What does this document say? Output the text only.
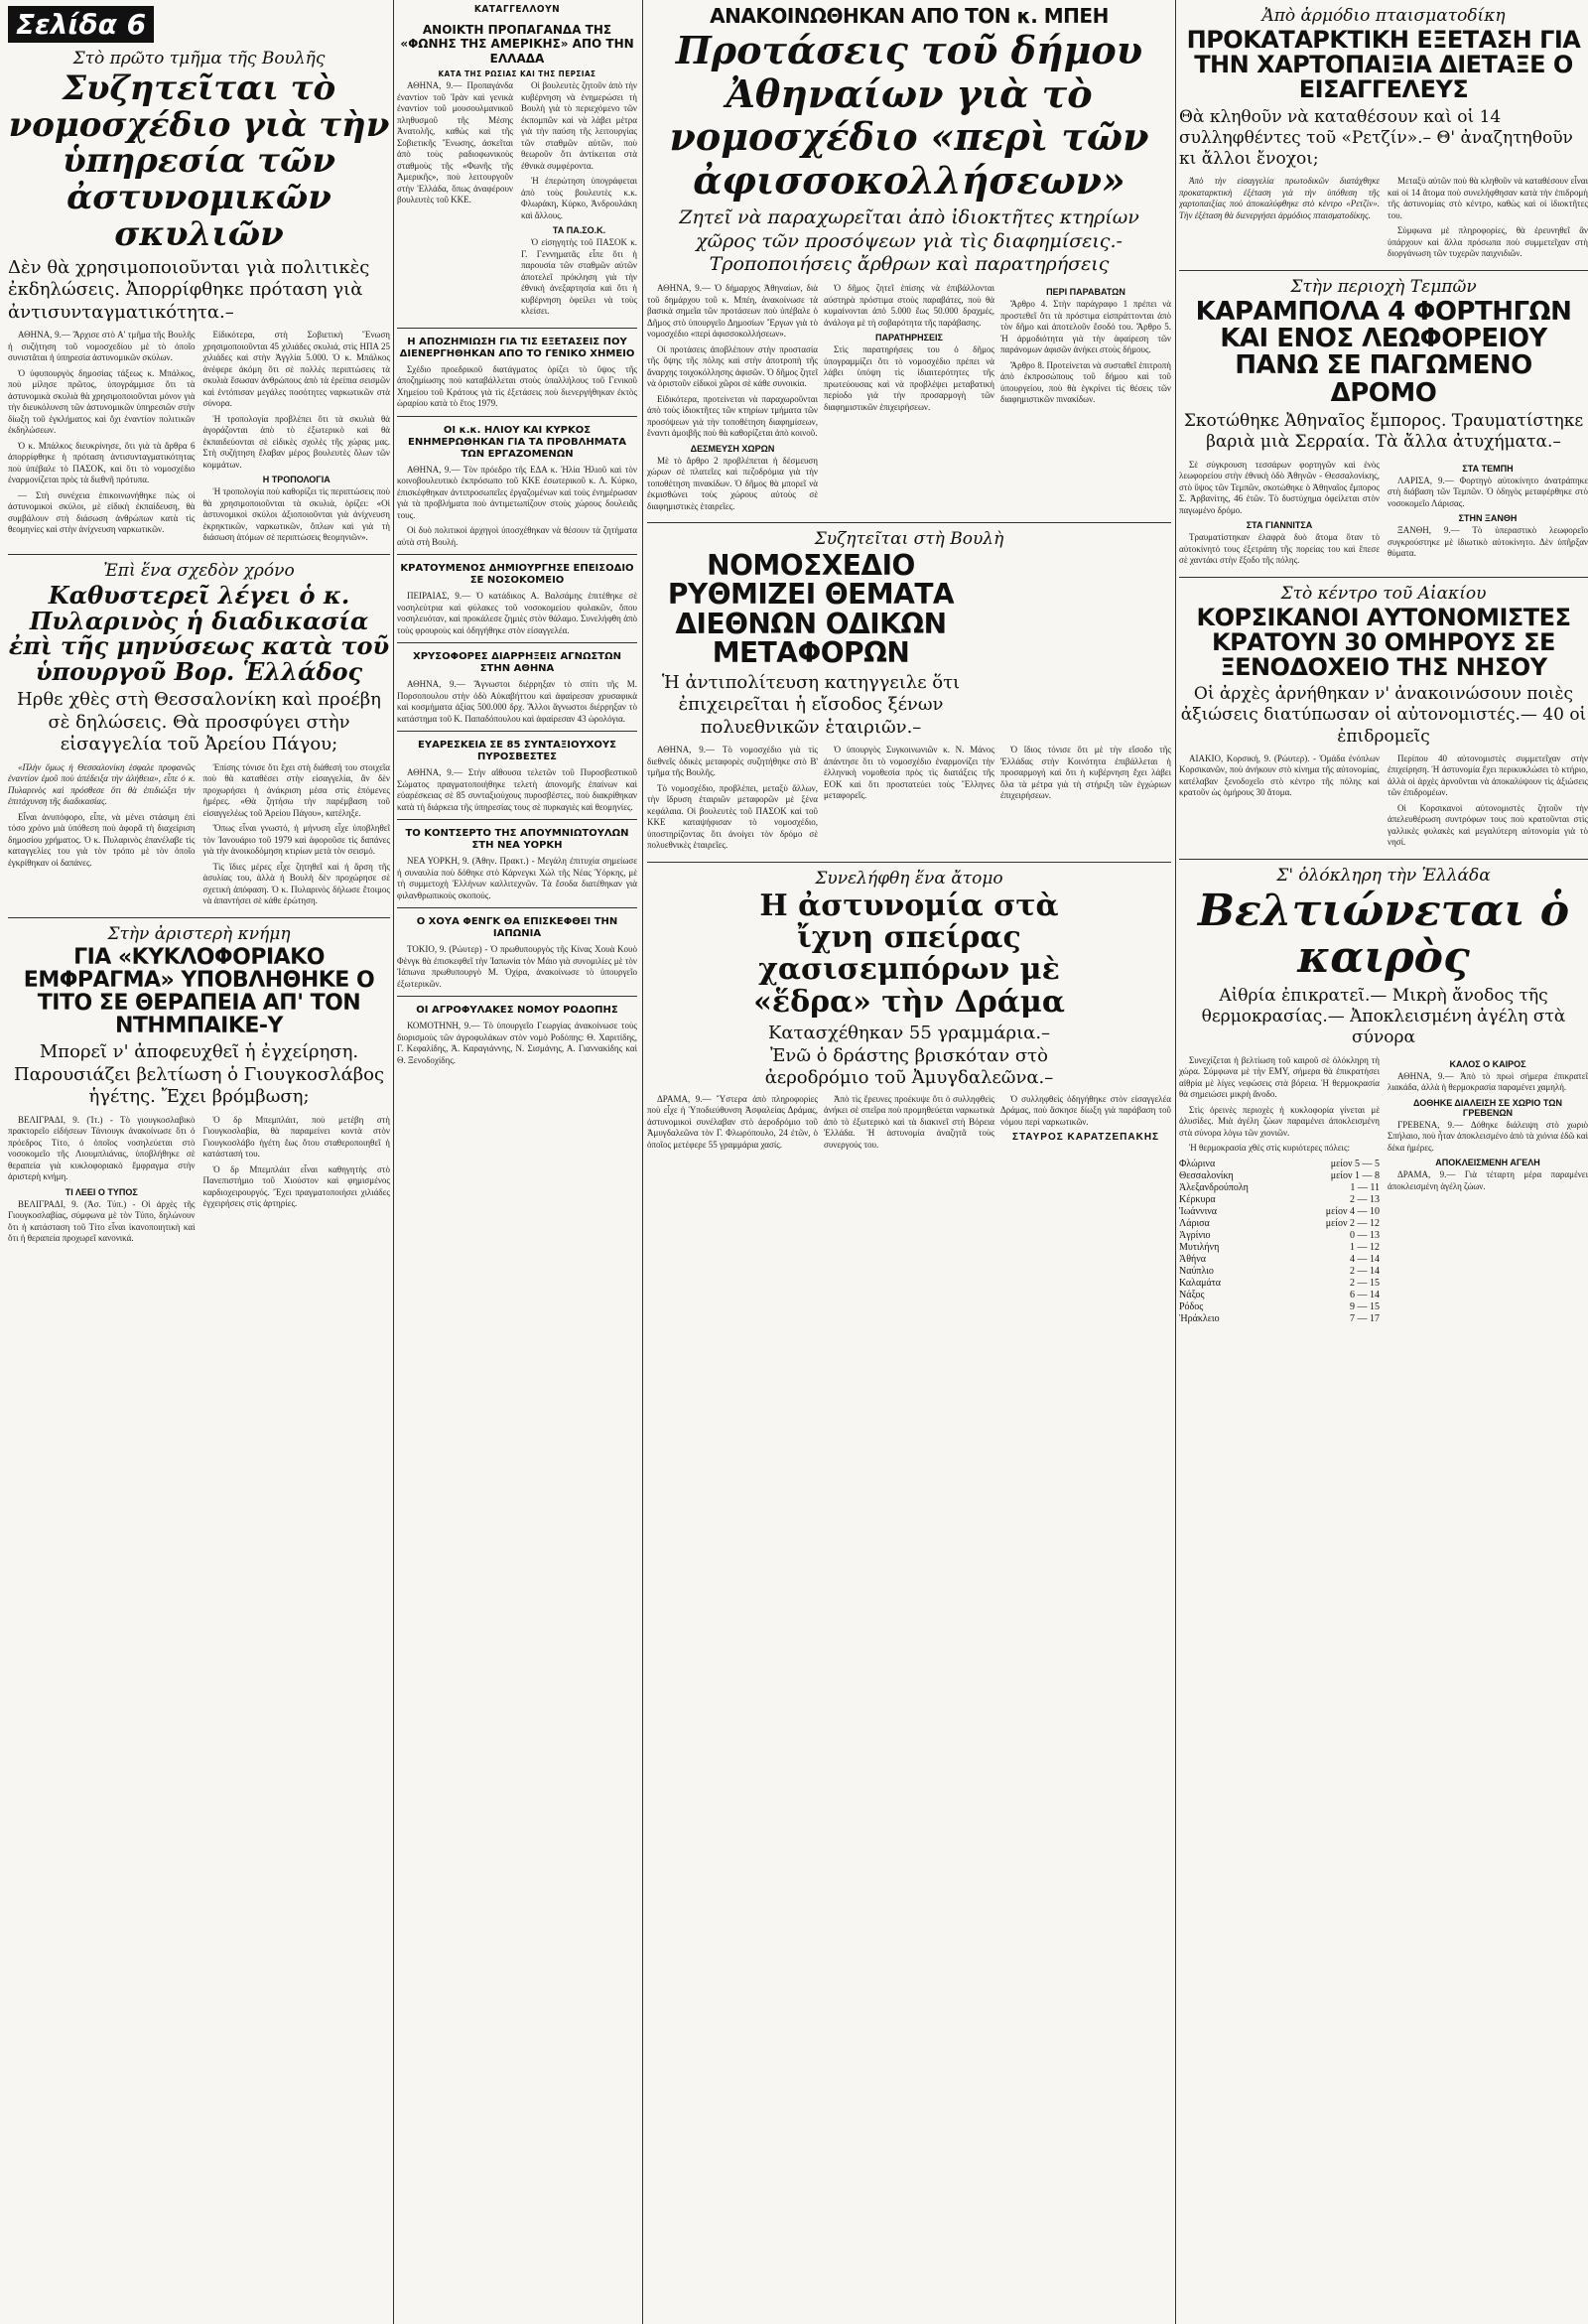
Σελίδα 6
Στὸ πρῶτο τμῆμα τῆς Βουλῆς
Συζητεῖται τὸ νομοσχέδιο γιὰ τὴν ὑπηρεσία τῶν ἀστυνομικῶν σκυλιῶν
Δὲν θὰ χρησιμοποιοῦνται γιὰ πολιτικὲς ἐκδηλώσεις. Ἀπορρίφθηκε πρόταση γιὰ ἀντισυνταγματικότητα.–

ΑΘΗΝΑ, 9.— Ἄρχισε στὸ Α' τμῆμα τῆς Βουλῆς ἡ συζήτηση τοῦ νομοσχεδίου μὲ τὸ ὁποῖο συνιστᾶται ἡ ὑπηρεσία ἀστυνομικῶν σκύλων.

Ὁ ὑφυπουργὸς δημοσίας τάξεως κ. Μπάλκος, ποὺ μίλησε πρῶτος, ὑπογράμμισε ὅτι τὰ ἀστυνομικὰ σκυλιὰ θὰ χρησιμοποιοῦνται μόνον γιὰ τὴν διευκόλυνση τῶν ἀστυνομικῶν ὑπηρεσιῶν στὴν δίωξη τοῦ ἐγκλήματος καὶ ὄχι ἐναντίον πολιτικῶν ἐκδηλώσεων.

Ὁ κ. Μπάλκος διευκρίνησε, ὅτι γιὰ τὰ ἄρθρα 6 ἀπορρίφθηκε ἡ πρόταση ἀντισυνταγματικότητας ποὺ ὑπέβαλε τὸ ΠΑΣΟΚ, καὶ ὅτι τὸ νομοσχέδιο ἐναρμονίζεται πρὸς τὰ διεθνῆ πρότυπα.

— Στὴ συνέχεια ἐπικοινωνήθηκε πὼς οἱ ἀστυνομικοὶ σκύλοι, μὲ εἰδικὴ ἐκπαίδευση, θὰ συμβάλουν στὴ διάσωση ἀνθρώπων κατὰ τὶς θεομηνίες καὶ στὴν ἀνίχνευση ναρκωτικῶν.

Εἰδικότερα, στὴ Σοβιετικὴ Ἕνωση χρησιμοποιοῦνται 45 χιλιάδες σκυλιά, στὶς ΗΠΑ 25 χιλιάδες καὶ στὴν Ἀγγλία 5.000. Ὁ κ. Μπάλκος ἀνέφερε ἀκόμη ὅτι σὲ πολλὲς περιπτώσεις τὰ σκυλιὰ ἔσωσαν ἀνθρώπους ἀπὸ τὰ ἐρείπια σεισμῶν καὶ ἐντόπισαν μεγάλες ποσότητες ναρκωτικῶν στὰ σύνορα.

Ἡ τροπολογία προβλέπει ὅτι τὰ σκυλιὰ θὰ ἀγοράζονται ἀπὸ τὸ ἐξωτερικὸ καὶ θὰ ἐκπαιδεύονται σὲ εἰδικὲς σχολὲς τῆς χώρας μας. Στὴ συζήτηση ἔλαβαν μέρος βουλευτὲς ὅλων τῶν κομμάτων.

Η ΤΡΟΠΟΛΟΓΙΑ

Ἡ τροπολογία ποὺ καθορίζει τὶς περιπτώσεις ποὺ θὰ χρησιμοποιοῦνται τὰ σκυλιὰ, ὁρίζει: «Οἱ ἀστυνομικοὶ σκύλοι ἀξιοποιοῦνται γιὰ ἀνίχνευση ἐκρηκτικῶν, ναρκωτικῶν, ὅπλων καὶ γιὰ τὴ διάσωση ἀτόμων σὲ περιπτώσεις θεομηνιῶν».

Ἐπὶ ἕνα σχεδὸν χρόνο
Καθυστερεῖ λέγει ὁ κ. Πυλαρινὸς ἡ διαδικασία ἐπὶ τῆς μηνύσεως κατὰ τοῦ ὑπουργοῦ Βορ. Ἑλλάδος
Ηρθε χθὲς στὴ Θεσσαλονίκη καὶ προέβη σὲ δηλώσεις. Θὰ προσφύγει στὴν εἰσαγγελία τοῦ Ἀρείου Πάγου;

«Πλὴν ὅμως ἡ Θεσσαλονίκη ἐσφαλε προφανῶς ἐναντίον ἐμοῦ ποὺ ἀπέδειξα τὴν ἀλήθεια», εἶπε ὁ κ. Πυλαρινὸς καὶ πρόσθεσε ὅτι θὰ ἐπιδιώξει τὴν ἐπιτάχυνση τῆς διαδικασίας.

Εἶναι ἀνυπόφορο, εἶπε, νὰ μένει στάσιμη ἐπὶ τόσο χρόνο μιὰ ὑπόθεση ποὺ ἀφορᾶ τὴ διαχείριση δημοσίου χρήματος. Ὁ κ. Πυλαρινὸς ἐπανέλαβε τὶς καταγγελίες του γιὰ τὸν τρόπο μὲ τὸν ὁποῖο ἐγκρίθηκαν οἱ δαπάνες.

Ἐπίσης τόνισε ὅτι ἔχει στὴ διάθεσή του στοιχεῖα ποὺ θὰ καταθέσει στὴν εἰσαγγελία, ἂν δὲν προχωρήσει ἡ ἀνάκριση μέσα στὶς ἑπόμενες ἡμέρες. «Θὰ ζητήσω τὴν παρέμβαση τοῦ εἰσαγγελέως τοῦ Ἀρείου Πάγου», κατέληξε.

Ὅπως εἶναι γνωστό, ἡ μήνυση εἶχε ὑποβληθεῖ τὸν Ἰανουάριο τοῦ 1979 καὶ ἀφοροῦσε τὶς δαπάνες γιὰ τὴν ἀνοικοδόμηση κτιρίων μετὰ τὸν σεισμό.

Τὶς ἴδιες μέρες εἶχε ζητηθεῖ καὶ ἡ ἄρση τῆς ἀσυλίας του, ἀλλὰ ἡ Βουλὴ δὲν προχώρησε σὲ σχετικὴ ἀπόφαση. Ὁ κ. Πυλαρινὸς δήλωσε ἕτοιμος νὰ ἀπαντήσει σὲ κάθε ἐρώτηση.

Στὴν ἀριστερὴ κνήμη
ΓΙΑ «ΚΥΚΛΟΦΟΡΙΑΚΟ ΕΜΦΡΑΓΜΑ» ΥΠΟΒΛΗΘΗΚΕ Ο ΤΙΤΟ ΣΕ ΘΕΡΑΠΕΙΑ ΑΠ' ΤΟΝ ΝΤΗΜΠΑΙΚΕ-Υ
Μπορεῖ ν' ἀποφευχθεῖ ἡ ἐγχείρηση. Παρουσιάζει βελτίωση ὁ Γιουγκοσλάβος ἡγέτης. Ἔχει βρόμβωση;

ΒΕΛΙΓΡΑΔΙ, 9. (Ἰτ.) - Τὸ γιουγκοσλαβικὸ πρακτορεῖο εἰδήσεων Τάνιουγκ ἀνακοίνωσε ὅτι ὁ πρόεδρος Τίτο, ὁ ὁποῖος νοσηλεύεται στὸ νοσοκομεῖο τῆς Λιουμπλιάνας, ὑποβλήθηκε σὲ θεραπεία γιὰ κυκλοφοριακὸ ἔμφραγμα στὴν ἀριστερὴ κνήμη.

ΤΙ ΛΕΕΙ Ο ΤΥΠΟΣ

ΒΕΛΙΓΡΑΔΙ, 9. (Ἀσ. Τύπ.) - Οἱ ἀρχὲς τῆς Γιουγκοσλαβίας, σύμφωνα μὲ τὸν Τύπο, δηλώνουν ὅτι ἡ κατάσταση τοῦ Τίτο εἶναι ἱκανοποιητικὴ καὶ ὅτι ἡ θεραπεία προχωρεῖ κανονικά.

Ὁ δρ Μπεμπλάιτ, ποὺ μετέβη στὴ Γιουγκοσλαβία, θὰ παραμείνει κοντὰ στὸν Γιουγκοσλάβο ἡγέτη ἕως ὅτου σταθεροποιηθεῖ ἡ κατάστασή του.

Ὁ δρ Μπεμπλάιτ εἶναι καθηγητὴς στὸ Πανεπιστήμιο τοῦ Χιούστον καὶ φημισμένος καρδιοχειρουργός. Ἔχει πραγματοποιήσει χιλιάδες ἐγχειρήσεις στὶς ἀρτηρίες.

ΚΑΤΑΓΓΕΛΛΟΥΝ
ΑΝΟΙΚΤΗ ΠΡΟΠΑΓΑΝΔΑ ΤΗΣ «ΦΩΝΗΣ ΤΗΣ ΑΜΕΡΙΚΗΣ» ΑΠΟ ΤΗΝ ΕΛΛΑΔΑ
ΚΑΤΑ ΤΗΣ ΡΩΣΙΑΣ ΚΑΙ ΤΗΣ ΠΕΡΣΙΑΣ

ΑΘΗΝΑ, 9.— Προπαγάνδα ἐναντίον τοῦ Ἰρὰν καὶ γενικὰ ἐναντίον τοῦ μουσουλμανικοῦ πληθυσμοῦ τῆς Μέσης Ἀνατολῆς, καθὼς καὶ τῆς Σοβιετικῆς Ἕνωσης, ἀσκεῖται ἀπὸ τοὺς ραδιοφωνικοὺς σταθμοὺς τῆς «Φωνῆς τῆς Ἀμερικῆς», ποὺ λειτουργοῦν στὴν Ἑλλάδα, ὅπως ἀναφέρουν βουλευτὲς τοῦ ΚΚΕ.

Οἱ βουλευτὲς ζητοῦν ἀπὸ τὴν κυβέρνηση νὰ ἐνημερώσει τὴ Βουλὴ γιὰ τὸ περιεχόμενο τῶν ἐκπομπῶν καὶ νὰ λάβει μέτρα γιὰ τὴν παύση τῆς λειτουργίας τῶν σταθμῶν αὐτῶν, ποὺ θεωροῦν ὅτι ἀντίκειται στὰ ἐθνικὰ συμφέροντα.

Ἡ ἐπερώτηση ὑπογράφεται ἀπὸ τοὺς βουλευτὲς κ.κ. Φλωράκη, Κύρκο, Ἀνδρουλάκη καὶ ἄλλους.

ΤΑ ΠΑ.ΣΟ.Κ.

Ὁ εἰσηγητὴς τοῦ ΠΑΣΟΚ κ. Γ. Γεννηματᾶς εἶπε ὅτι ἡ παρουσία τῶν σταθμῶν αὐτῶν ἀποτελεῖ πρόκληση γιὰ τὴν ἐθνικὴ ἀνεξαρτησία καὶ ὅτι ἡ κυβέρνηση ὀφείλει νὰ τοὺς κλείσει.

Η ΑΠΟΖΗΜΙΩΣΗ ΓΙΑ ΤΙΣ ΕΞΕΤΑΣΕΙΣ ΠΟΥ ΔΙΕΝΕΡΓΗΘΗΚΑΝ ΑΠΟ ΤΟ ΓΕΝΙΚΟ ΧΗΜΕΙΟ

Σχέδιο προεδρικοῦ διατάγματος ὁρίζει τὸ ὕψος τῆς ἀποζημίωσης ποὺ καταβάλλεται στοὺς ὑπαλλήλους τοῦ Γενικοῦ Χημείου τοῦ Κράτους γιὰ τὶς ἐξετάσεις ποὺ διενεργήθηκαν ἐκτὸς ὡραρίου κατὰ τὸ ἔτος 1979.

ΟΙ κ.κ. ΗΛΙΟΥ ΚΑΙ ΚΥΡΚΟΣ ΕΝΗΜΕΡΩΘΗΚΑΝ ΓΙΑ ΤΑ ΠΡΟΒΛΗΜΑΤΑ ΤΩΝ ΕΡΓΑΖΟΜΕΝΩΝ

ΑΘΗΝΑ, 9.— Τὸν πρόεδρο τῆς ΕΔΑ κ. Ἠλία Ἠλιοῦ καὶ τὸν κοινοβουλευτικὸ ἐκπρόσωπο τοῦ ΚΚΕ ἐσωτερικοῦ κ. Λ. Κύρκο, ἐπισκέφθηκαν ἀντιπροσωπεῖες ἐργαζομένων καὶ τοὺς ἐνημέρωσαν γιὰ τὰ προβλήματα ποὺ ἀντιμετωπίζουν στοὺς χώρους δουλειᾶς τους.

Οἱ δυὸ πολιτικοὶ ἀρχηγοὶ ὑποσχέθηκαν νὰ θέσουν τὰ ζητήματα αὐτὰ στὴ Βουλή.

ΚΡΑΤΟΥΜΕΝΟΣ ΔΗΜΙΟΥΡΓΗΣΕ ΕΠΕΙΣΟΔΙΟ ΣΕ ΝΟΣΟΚΟΜΕΙΟ

ΠΕΙΡΑΙΑΣ, 9.— Ὁ κατάδικος Α. Βαλσάμης ἐπιτέθηκε σὲ νοσηλεύτρια καὶ φύλακες τοῦ νοσοκομείου φυλακῶν, ὅπου νοσηλευόταν, καὶ προκάλεσε ζημιὲς στὸν θάλαμο. Συνελήφθη ἀπὸ τοὺς φρουροὺς καὶ ὁδηγήθηκε στὸν εἰσαγγελέα.

ΧΡΥΣΟΦΟΡΕΣ ΔΙΑΡΡΗΞΕΙΣ ΑΓΝΩΣΤΩΝ ΣΤΗΝ ΑΘΗΝΑ

ΑΘΗΝΑ, 9.— Ἄγνωστοι διέρρηξαν τὸ σπίτι τῆς Μ. Πορσοπουλου στὴν ὁδὸ Αὐκαβήττου καὶ ἀφαίρεσαν χρυσαφικὰ καὶ κοσμήματα ἀξίας 500.000 δρχ. Ἄλλοι ἄγνωστοι διέρρηξαν τὸ κατάστημα τοῦ Κ. Παπαδόπουλου καὶ ἀφαίρεσαν 43 ὡρολόγια.

ΕΥΑΡΕΣΚΕΙΑ ΣΕ 85 ΣΥΝΤΑΞΙΟΥΧΟΥΣ ΠΥΡΟΣΒΕΣΤΕΣ

ΑΘΗΝΑ, 9.— Στὴν αἴθουσα τελετῶν τοῦ Πυροσβεστικοῦ Σώματος πραγματοποιήθηκε τελετὴ ἀπονομῆς ἐπαίνων καὶ εὐαρέσκειας σὲ 85 συνταξιούχους πυροσβέστες, ποὺ διακρίθηκαν κατὰ τὴ διάρκεια τῆς ὑπηρεσίας τους σὲ πυρκαγιὲς καὶ θεομηνίες.

ΤΟ ΚΟΝΤΣΕΡΤΟ ΤΗΣ ΑΠΟΥΜΝΙΩΤΟΥΛΩΝ ΣΤΗ ΝΕΑ ΥΟΡΚΗ

ΝΕΑ ΥΟΡΚΗ, 9. (Ἀθην. Πρακτ.) - Μεγάλη ἐπιτυχία σημείωσε ἡ συναυλία ποὺ δόθηκε στὸ Κάρνεγκι Χώλ τῆς Νέας Ὑόρκης, μὲ τὴ συμμετοχὴ Ἑλλήνων καλλιτεχνῶν. Τὰ ἔσοδα διατέθηκαν γιὰ φιλανθρωπικοὺς σκοπούς.

Ο ΧΟΥΑ ΦΕΝΓΚ ΘΑ ΕΠΙΣΚΕΦΘΕΙ ΤΗΝ ΙΑΠΩΝΙΑ

ΤΟΚΙΟ, 9. (Ρώυτερ) - Ὁ πρωθυπουργὸς τῆς Κίνας Χουὰ Κουὸ Φὲνγκ θὰ ἐπισκεφθεῖ τὴν Ἰαπωνία τὸν Μάιο γιὰ συνομιλίες μὲ τὸν Ἰάπωνα πρωθυπουργὸ Μ. Ὀχίρα, ἀνακοίνωσε τὸ ὑπουργεῖο ἐξωτερικῶν.

ΟΙ ΑΓΡΟΦΥΛΑΚΕΣ ΝΟΜΟΥ ΡΟΔΟΠΗΣ

ΚΟΜΟΤΗΝΗ, 9.— Τὸ ὑπουργεῖο Γεωργίας ἀνακοίνωσε τοὺς διορισμοὺς τῶν ἀγροφυλάκων στὸν νομὸ Ροδόπης: Θ. Χαριτίδης, Γ. Κεφαλίδης, Ἀ. Καραγιάννης, Ν. Σισμάνης, Α. Γιαννακίδης καὶ Θ. Ξενοδοχίδης.

ΑΝΑΚΟΙΝΩΘΗΚΑΝ ΑΠΟ ΤΟΝ κ. ΜΠΕΗ
Προτάσεις τοῦ δήμου Ἀθηναίων γιὰ τὸ νομοσχέδιο «περὶ τῶν ἀφισσοκολλήσεων»
Ζητεῖ νὰ παραχωρεῖται ἀπὸ ἰδιοκτῆτες κτηρίων χῶρος τῶν προσόψεων γιὰ τὶς διαφημίσεις.- Τροποποιήσεις ἄρθρων καὶ παρατηρήσεις

ΑΘΗΝΑ, 9.— Ὁ δήμαρχος Ἀθηναίων, διὰ τοῦ δημάρχου τοῦ κ. Μπέη, ἀνακοίνωσε τὰ βασικὰ σημεῖα τῶν προτάσεων ποὺ ὑπέβαλε ὁ Δῆμος στὸ ὑπουργεῖο Δημοσίων Ἔργων γιὰ τὸ νομοσχέδιο «περὶ ἀφισσοκολλήσεων».

Οἱ προτάσεις ἀποβλέπουν στὴν προστασία τῆς ὄψης τῆς πόλης καὶ στὴν ἀποτροπὴ τῆς ἄναρχης τοιχοκόλλησης ἀφισῶν. Ὁ δῆμος ζητεῖ νὰ ὁριστοῦν εἰδικοὶ χῶροι σὲ κάθε συνοικία.

Εἰδικότερα, προτείνεται νὰ παραχωροῦνται ἀπὸ τοὺς ἰδιοκτῆτες τῶν κτηρίων τμήματα τῶν προσόψεων γιὰ τὴν τοποθέτηση διαφημίσεων, ἔναντι ἀμοιβῆς ποὺ θὰ καθορίζεται ἀπὸ κοινοῦ.

ΔΕΣΜΕΥΣΗ ΧΩΡΩΝ

Μὲ τὸ ἄρθρο 2 προβλέπεται ἡ δέσμευση χώρων σὲ πλατεῖες καὶ πεζοδρόμια γιὰ τὴν τοποθέτηση πινακίδων. Ὁ δῆμος θὰ μπορεῖ νὰ ἐκμισθώνει τοὺς χώρους αὐτοὺς σὲ διαφημιστικὲς ἑταιρεῖες.

Ὁ δῆμος ζητεῖ ἐπίσης νὰ ἐπιβάλλονται αὐστηρὰ πρόστιμα στοὺς παραβάτες, ποὺ θὰ κυμαίνονται ἀπὸ 5.000 ἕως 50.000 δραχμές, ἀνάλογα μὲ τὴ σοβαρότητα τῆς παράβασης.

ΠΑΡΑΤΗΡΗΣΕΙΣ

Στὶς παρατηρήσεις του ὁ δῆμος ὑπογραμμίζει ὅτι τὸ νομοσχέδιο πρέπει νὰ λάβει ὑπόψη τὶς ἰδιαιτερότητες τῆς πρωτεύουσας καὶ νὰ προβλέψει μεταβατικὴ περίοδο γιὰ τὴν προσαρμογὴ τῶν διαφημιστικῶν ἐπιχειρήσεων.

ΠΕΡΙ ΠΑΡΑΒΑΤΩΝ

Ἄρθρο 4. Στὴν παράγραφο 1 πρέπει νὰ προστεθεῖ ὅτι τὰ πρόστιμα εἰσπράττονται ἀπὸ τὸν δῆμο καὶ ἀποτελοῦν ἔσοδό του. Ἄρθρο 5. Ἡ ἀρμοδιότητα γιὰ τὴν ἀφαίρεση τῶν παράνομων ἀφισῶν ἀνήκει στοὺς δήμους.

Ἄρθρο 8. Προτείνεται νὰ συσταθεῖ ἐπιτροπὴ ἀπὸ ἐκπροσώπους τοῦ δήμου καὶ τοῦ ὑπουργείου, ποὺ θὰ ἐγκρίνει τὶς θέσεις τῶν διαφημιστικῶν πινακίδων.

Συζητεῖται στὴ Βουλὴ
ΝΟΜΟΣΧΕΔΙΟ ΡΥΘΜΙΖΕΙ ΘΕΜΑΤΑ ΔΙΕΘΝΩΝ ΟΔΙΚΩΝ ΜΕΤΑΦΟΡΩΝ
Ἡ ἀντιπολίτευση κατηγγειλε ὅτι ἐπιχειρεῖται ἡ εἴσοδος ξένων πολυεθνικῶν ἑταιριῶν.–

ΑΘΗΝΑ, 9.— Τὸ νομοσχέδιο γιὰ τὶς διεθνεῖς ὁδικὲς μεταφορὲς συζητήθηκε στὸ Β' τμῆμα τῆς Βουλῆς.

Τὸ νομοσχέδιο, προβλέπει, μεταξὺ ἄλλων, τὴν ἵδρυση ἑταιριῶν μεταφορῶν μὲ ξένα κεφάλαια. Οἱ βουλευτὲς τοῦ ΠΑΣΟΚ καὶ τοῦ ΚΚΕ καταψήφισαν τὸ νομοσχέδιο, ὑποστηρίζοντας ὅτι ἀνοίγει τὸν δρόμο σὲ πολυεθνικὲς ἑταιρεῖες.

Ὁ ὑπουργὸς Συγκοινωνιῶν κ. Ν. Μάνος ἀπάντησε ὅτι τὸ νομοσχέδιο ἐναρμονίζει τὴν ἑλληνικὴ νομοθεσία πρὸς τὶς διατάξεις τῆς ΕΟΚ καὶ ὅτι προστατεύει τοὺς Ἕλληνες μεταφορεῖς.

Ὁ ἴδιος τόνισε ὅτι μὲ τὴν εἴσοδο τῆς Ἑλλάδας στὴν Κοινότητα ἐπιβάλλεται ἡ προσαρμογὴ καὶ ὅτι ἡ κυβέρνηση ἔχει λάβει ὅλα τὰ μέτρα γιὰ τὴ στήριξη τῶν ἐγχώριων ἐπιχειρήσεων.

Συνελήφθη ἕνα ἄτομο
Η ἀστυνομία στὰ ἴχνη σπείρας χασισεμπόρων μὲ «ἕδρα» τὴν Δράμα
Κατασχέθηκαν 55 γραμμάρια.– Ἐνῶ ὁ δράστης βρισκόταν στὸ ἀεροδρόμιο τοῦ Ἀμυγδαλεῶνα.–

ΔΡΑΜΑ, 9.— Ὕστερα ἀπὸ πληροφορίες ποὺ εἶχε ἡ Ὑποδιεύθυνση Ἀσφαλείας Δράμας, ἀστυνομικοὶ συνέλαβαν στὸ ἀεροδρόμιο τοῦ Ἀμυγδαλεῶνα τὸν Γ. Φλωρόπουλο, 24 ἐτῶν, ὁ ὁποῖος μετέφερε 55 γραμμάρια χασίς.

Ἀπὸ τὶς ἔρευνες προέκυψε ὅτι ὁ συλληφθεὶς ἀνήκει σὲ σπεῖρα ποὺ προμηθεύεται ναρκωτικὰ ἀπὸ τὸ ἐξωτερικὸ καὶ τὰ διακινεῖ στὴ Βόρεια Ἑλλάδα. Ἡ ἀστυνομία ἀναζητᾶ τοὺς συνεργούς του.

Ὁ συλληφθεὶς ὁδηγήθηκε στὸν εἰσαγγελέα Δράμας, ποὺ ἄσκησε δίωξη γιὰ παράβαση τοῦ νόμου περὶ ναρκωτικῶν.

ΣΤΑΥΡΟΣ ΚΑΡΑΤΖΕΠΑΚΗΣ
Ἀπὸ ἁρμόδιο πταισματοδίκη
ΠΡΟΚΑΤΑΡΚΤΙΚΗ ΕΞΕΤΑΣΗ ΓΙΑ ΤΗΝ ΧΑΡΤΟΠΑΙΞΙΑ ΔΙΕΤΑΞΕ Ο ΕΙΣΑΓΓΕΛΕΥΣ
Θὰ κληθοῦν νὰ καταθέσουν καὶ οἱ 14 συλληφθέντες τοῦ «Ρετζίν».– Θ' ἀναζητηθοῦν κι ἄλλοι ἔνοχοι;

Ἀπὸ τὴν εἰσαγγελία πρωτοδικῶν διατάχθηκε προκαταρκτικὴ ἐξέταση γιὰ τὴν ὑπόθεση τῆς χαρτοπαιξίας ποὺ ἀποκαλύφθηκε στὸ κέντρο «Ρετζίν». Τὴν ἐξέταση θὰ διενεργήσει ἁρμόδιος πταισματοδίκης.

Μεταξὺ αὐτῶν ποὺ θὰ κληθοῦν νὰ καταθέσουν εἶναι καὶ οἱ 14 ἄτομα ποὺ συνελήφθησαν κατὰ τὴν ἐπιδρομὴ τῆς ἀστυνομίας στὸ κέντρο, καθὼς καὶ οἱ ἰδιοκτῆτες του.

Σύμφωνα μὲ πληροφορίες, θὰ ἐρευνηθεῖ ἂν ὑπάρχουν καὶ ἄλλα πρόσωπα ποὺ συμμετεῖχαν στὴ διοργάνωση τῶν τυχερῶν παιχνιδιῶν.

Στὴν περιοχὴ Τεμπῶν
ΚΑΡΑΜΠΟΛΑ 4 ΦΟΡΤΗΓΩΝ ΚΑΙ ΕΝΟΣ ΛΕΩΦΟΡΕΙΟΥ ΠΑΝΩ ΣΕ ΠΑΓΩΜΕΝΟ ΔΡΟΜΟ
Σκοτώθηκε Ἀθηναῖος ἔμπορος. Τραυματίστηκε βαριὰ μιὰ Σερραία. Τὰ ἄλλα ἀτυχήματα.–

Σὲ σύγκρουση τεσσάρων φορτηγῶν καὶ ἑνὸς λεωφορείου στὴν ἐθνικὴ ὁδὸ Ἀθηνῶν - Θεσσαλονίκης, στὸ ὕψος τῶν Τεμπῶν, σκοτώθηκε ὁ Ἀθηναῖος ἔμπορος Σ. Ἀρβανίτης, 46 ἐτῶν. Τὸ δυστύχημα ὀφείλεται στὸν παγωμένο δρόμο.

ΣΤΑ ΓΙΑΝΝΙΤΣΑ

Τραυματίστηκαν ἐλαφρὰ δυὸ ἄτομα ὅταν τὸ αὐτοκίνητό τους ἐξετράπη τῆς πορείας του καὶ ἔπεσε σὲ χαντάκι στὴν ἔξοδο τῆς πόλης.

ΣΤΑ ΤΕΜΠΗ

ΛΑΡΙΣΑ, 9.— Φορτηγὸ αὐτοκίνητο ἀνατράπηκε στὴ διάβαση τῶν Τεμπῶν. Ὁ ὁδηγὸς μεταφέρθηκε στὸ νοσοκομεῖο Λάρισας.

ΣΤΗΝ ΞΑΝΘΗ

ΞΑΝΘΗ, 9.— Τὸ ὑπεραστικὸ λεωφορεῖο συγκρούστηκε μὲ ἰδιωτικὸ αὐτοκίνητο. Δὲν ὑπῆρξαν θύματα.

Στὸ κέντρο τοῦ Αἰακίου
ΚΟΡΣΙΚΑΝΟΙ ΑΥΤΟΝΟΜΙΣΤΕΣ ΚΡΑΤΟΥΝ 30 ΟΜΗΡΟΥΣ ΣΕ ΞΕΝΟΔΟΧΕΙΟ ΤΗΣ ΝΗΣΟΥ
Οἱ ἀρχὲς ἀρνήθηκαν ν' ἀνακοινώσουν ποιὲς ἀξιώσεις διατύπωσαν οἱ αὐτονομιστές.— 40 οἱ ἐπιδρομεῖς

ΑΙΑΚΙΟ, Κορσική, 9. (Ρώυτερ). - Ὁμάδα ἐνόπλων Κορσικανῶν, ποὺ ἀνήκουν στὸ κίνημα τῆς αὐτονομίας, κατέλαβαν ξενοδοχεῖο στὸ κέντρο τῆς πόλης καὶ κρατοῦν ὡς ὁμήρους 30 ἄτομα.

Περίπου 40 αὐτονομιστὲς συμμετεῖχαν στὴν ἐπιχείρηση. Ἡ ἀστυνομία ἔχει περικυκλώσει τὸ κτήριο, ἀλλὰ οἱ ἀρχὲς ἀρνοῦνται νὰ ἀποκαλύψουν τὶς ἀξιώσεις τῶν ἐπιδρομέων.

Οἱ Κορσικανοὶ αὐτονομιστὲς ζητοῦν τὴν ἀπελευθέρωση συντρόφων τους ποὺ κρατοῦνται στὶς γαλλικὲς φυλακὲς καὶ μεγαλύτερη αὐτονομία γιὰ τὸ νησί.

Σ' ὁλόκληρη τὴν Ἑλλάδα
Βελτιώνεται ὁ καιρὸς
Αἰθρία ἐπικρατεῖ.— Μικρὴ ἄνοδος τῆς θερμοκρασίας.— Ἀποκλεισμένη ἀγέλη στὰ σύνορα

Συνεχίζεται ἡ βελτίωση τοῦ καιροῦ σὲ ὁλόκληρη τὴ χώρα. Σύμφωνα μὲ τὴν ΕΜΥ, σήμερα θὰ ἐπικρατήσει αἰθρία μὲ λίγες νεφώσεις στὰ βόρεια. Ἡ θερμοκρασία θὰ σημειώσει μικρὴ ἄνοδο.

Στὶς ὀρεινὲς περιοχὲς ἡ κυκλοφορία γίνεται μὲ ἀλυσίδες. Μιὰ ἀγέλη ζώων παραμένει ἀποκλεισμένη στὰ σύνορα λόγω τῶν χιονιῶν.

Ἡ θερμοκρασία χθὲς στὶς κυριότερες πόλεις:

Φλώρινα	μείον 5 — 5
Θεσσαλονίκη	μείον 1 — 8
Ἀλεξανδρούπολη	1 — 11
Κέρκυρα	2 — 13
Ἰωάννινα	μείον 4 — 10
Λάρισα	μείον 2 — 12
Ἀγρίνιο	0 — 13
Μυτιλήνη	1 — 12
Ἀθήνα	4 — 14
Ναύπλιο	2 — 14
Καλαμάτα	2 — 15
Νάξος	6 — 14
Ρόδος	9 — 15
Ἡράκλειο	7 — 17
ΚΑΛΟΣ Ο ΚΑΙΡΟΣ

ΑΘΗΝΑ, 9.— Ἀπὸ τὸ πρωὶ σήμερα ἐπικρατεῖ λιακάδα, ἀλλὰ ἡ θερμοκρασία παραμένει χαμηλή.

ΔΟΘΗΚΕ ΔΙΑΛΕΙΣΗ ΣΕ ΧΩΡΙΟ ΤΩΝ ΓΡΕΒΕΝΩΝ

ΓΡΕΒΕΝΑ, 9.— Δόθηκε διάλειψη στὸ χωριὸ Σπήλαιο, ποὺ ἦταν ἀποκλεισμένο ἀπὸ τὰ χιόνια ἐδῶ καὶ δέκα ἡμέρες.

ΑΠΟΚΛΕΙΣΜΕΝΗ ΑΓΕΛΗ

ΔΡΑΜΑ, 9.— Γιὰ τέταρτη μέρα παραμένει ἀποκλεισμένη ἀγέλη ζώων.
